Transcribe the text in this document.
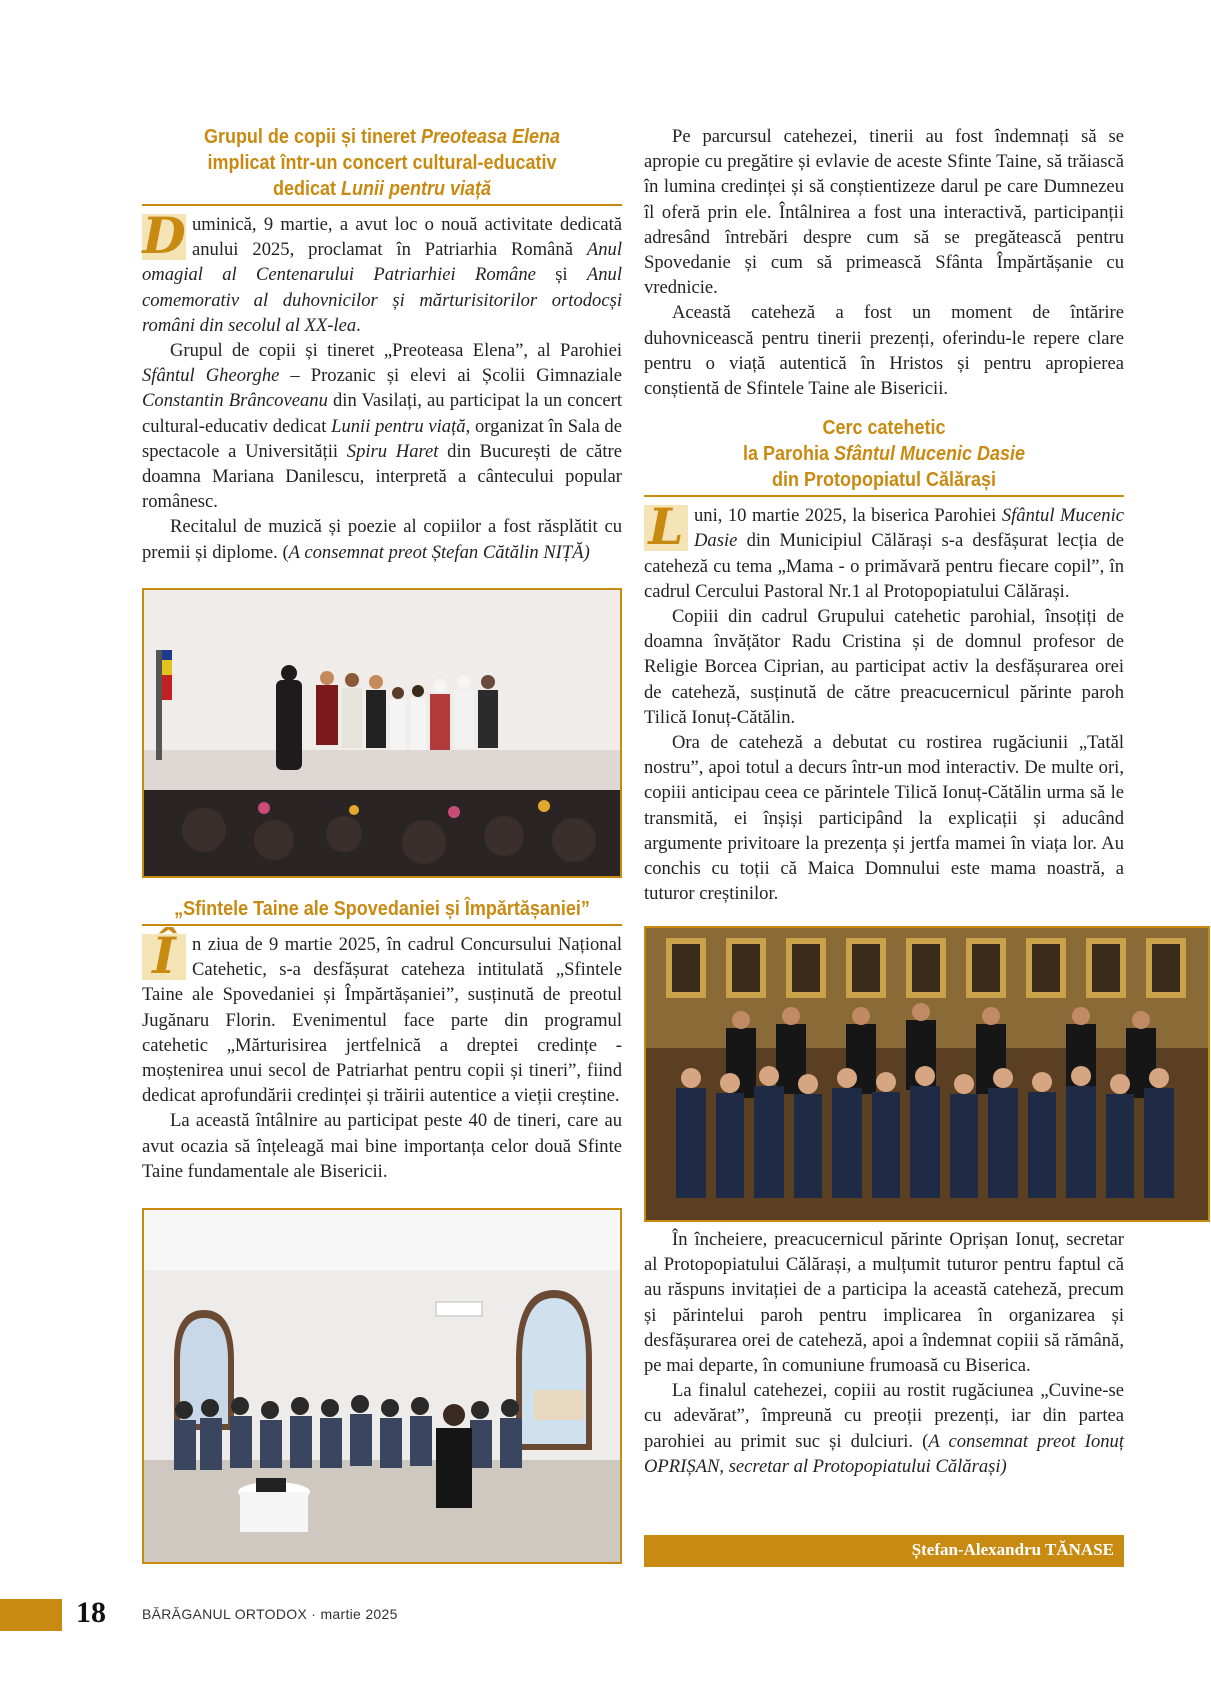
Grupul de copii și tineret Preoteasa Elena
implicat într-un concert cultural-educativ
dedicat Lunii pentru viață

D uminică, 9 martie, a avut loc o nouă activitate dedicată anului 2025, proclamat în Patriarhia Română Anul omagial al Centenarului Patriarhiei Române și Anul comemorativ al duhovnicilor și mărturisitorilor ortodocși români din secolul al XX-lea.

Grupul de copii și tineret „Preoteasa Elena”, al Parohiei Sfântul Gheorghe – Prozanic și elevi ai Școlii Gimnaziale Constantin Brâncoveanu din Vasilați, au participat la un concert cultural-educativ dedicat Lunii pentru viață, organizat în Sala de spectacole a Universității Spiru Haret din București de către doamna Mariana Danilescu, interpretă a cântecului popular românesc.

Recitalul de muzică și poezie al copiilor a fost răsplătit cu premii și diplome. (A consemnat preot Ștefan Cătălin NIȚĂ)

„Sfintele Taine ale Spovedaniei și Împărtășaniei”

Î n ziua de 9 martie 2025, în cadrul Concursului Național Catehetic, s-a desfășurat cateheza intitulată „Sfintele Taine ale Spovedaniei și Împărtășaniei”, susținută de preotul Jugănaru Florin. Evenimentul face parte din programul catehetic „Mărturisirea jertfelnică a dreptei credințe - moștenirea unui secol de Patriarhat pentru copii și tineri”, fiind dedicat aprofundării credinței și trăirii autentice a vieții creștine.

La această întâlnire au participat peste 40 de tineri, care au avut ocazia să înțeleagă mai bine importanța celor două Sfinte Taine fundamentale ale Bisericii.

Pe parcursul catehezei, tinerii au fost îndemnați să se apropie cu pregătire și evlavie de aceste Sfinte Taine, să trăiască în lumina credinței și să conștientizeze darul pe care Dumnezeu îl oferă prin ele. Întâlnirea a fost una interactivă, participanții adresând întrebări despre cum să se pregătească pentru Spovedanie și cum să primească Sfânta Împărtășanie cu vrednicie.

Această cateheză a fost un moment de întărire duhovnicească pentru tinerii prezenți, oferindu-le repere clare pentru o viață autentică în Hristos și pentru apropierea conștientă de Sfintele Taine ale Bisericii.

Cerc catehetic
la Parohia Sfântul Mucenic Dasie
din Protopopiatul Călărași

L uni, 10 martie 2025, la biserica Parohiei Sfântul Mucenic Dasie din Municipiul Călărași s-a desfășurat lecția de cateheză cu tema „Mama - o primăvară pentru fiecare copil”, în cadrul Cercului Pastoral Nr.1 al Protopopiatului Călărași.

Copiii din cadrul Grupului catehetic parohial, însoțiți de doamna învățător Radu Cristina și de domnul profesor de Religie Borcea Ciprian, au participat activ la desfășurarea orei de cateheză, susținută de către preacucernicul părinte paroh Tilică Ionuț-Cătălin.

Ora de cateheză a debutat cu rostirea rugăciunii „Tatăl nostru”, apoi totul a decurs într-un mod interactiv. De multe ori, copiii anticipau ceea ce părintele Tilică Ionuț-Cătălin urma să le transmită, ei înșiși participând la explicații și aducând argumente privitoare la prezența și jertfa mamei în viața lor. Au conchis cu toții că Maica Domnului este mama noastră, a tuturor creștinilor.

În încheiere, preacucernicul părinte Oprișan Ionuț, secretar al Protopopiatului Călărași, a mulțumit tuturor pentru faptul că au răspuns invitației de a participa la această cateheză, precum și părintelui paroh pentru implicarea în organizarea și desfășurarea orei de cateheză, apoi a îndemnat copiii să rămână, pe mai departe, în comuniune frumoasă cu Biserica.

La finalul catehezei, copiii au rostit rugăciunea „Cuvine-se cu adevărat”, împreună cu preoții prezenți, iar din partea parohiei au primit suc și dulciuri. (A consemnat preot Ionuț OPRIȘAN, secretar al Protopopiatului Călărași)

Ștefan-Alexandru TĂNASE
18	BĂRĂGANUL ORTODOX · martie 2025
